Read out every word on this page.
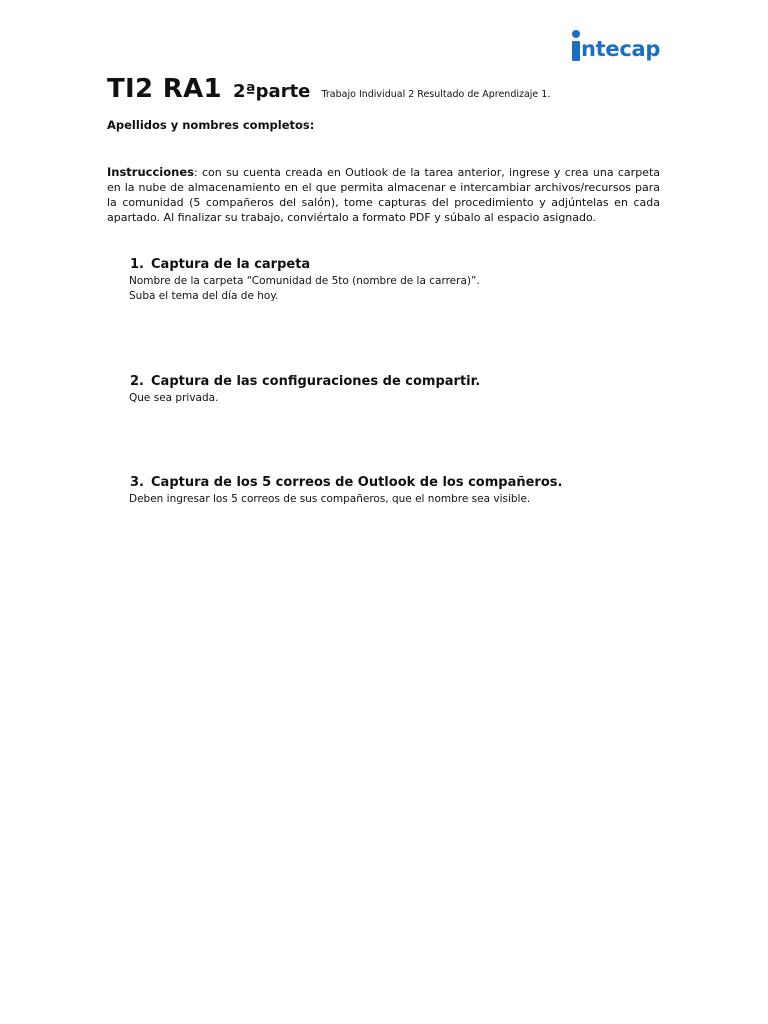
ntecap
TI2 RA1 2ªparte Trabajo Individual 2 Resultado de Aprendizaje 1.
Apellidos y nombres completos:
Instrucciones: con su cuenta creada en Outlook de la tarea anterior, ingrese y crea una carpeta en la nube de almacenamiento en el que permita almacenar e intercambiar archivos/recursos para la comunidad (5 compañeros del salón), tome capturas del procedimiento y adjúntelas en cada apartado. Al finalizar su trabajo, conviértalo a formato PDF y súbalo al espacio asignado.
1. Captura de la carpeta
Nombre de la carpeta “Comunidad de 5to (nombre de la carrera)”.
Suba el tema del día de hoy.
2. Captura de las configuraciones de compartir.
Que sea privada.
3. Captura de los 5 correos de Outlook de los compañeros.
Deben ingresar los 5 correos de sus compañeros, que el nombre sea visible.
